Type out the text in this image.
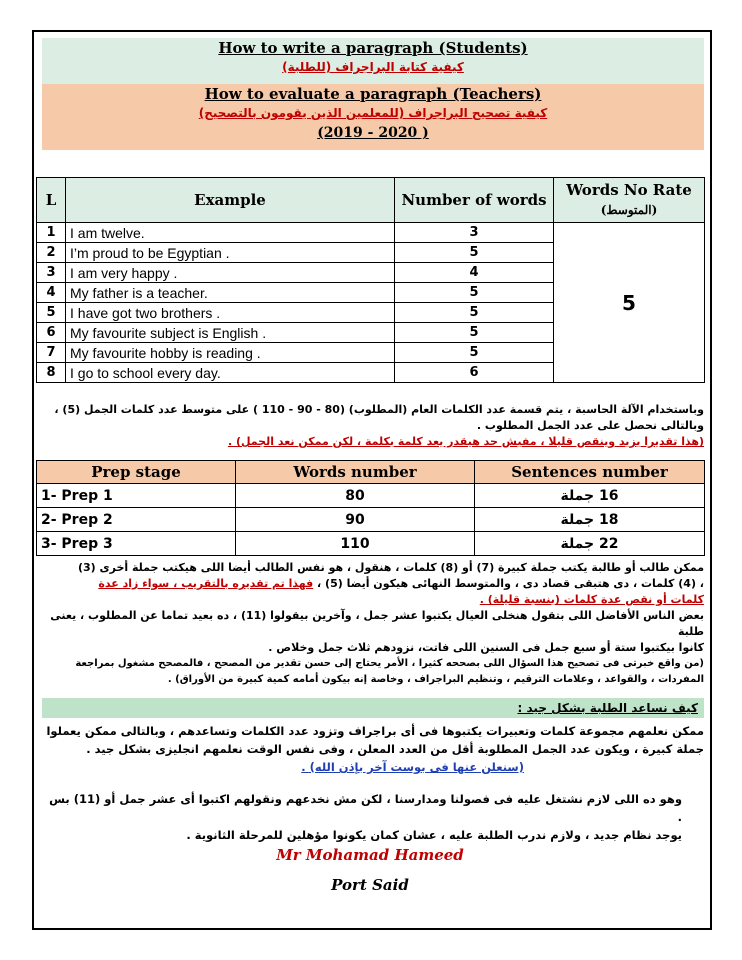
How to write a paragraph (Students)
كيفية كتابة البراجراف (للطلبة)
How to evaluate a paragraph (Teachers)
كيفية تصحيح البراجراف (للمعلمين الذين يقومون بالتصحيح)
(2019 - 2020 )
L	Example	Number of words	Words No Rate
(المتوسط)

1	I am twelve.	3	5
2	I’m proud to be Egyptian .	5	
3	I am very happy .	4	
4	My father is a teacher.	5	
5	I have got two brothers .	5	
6	My favourite subject is English .	5	
7	My favourite hobby is reading .	5	
8	I go to school every day.	6	
وباستخدام الآلة الحاسبة ، يتم قسمة عدد الكلمات العام (المطلوب) (80 - 90 - 110 ) على متوسط عدد كلمات الجمل (5) ،
وبالتالى نحصل على عدد الجمل المطلوب .
(هذا تقديرا يزيد وينقص قليلا ، مفيش حد هيقدر يعد كلمة بكلمة ، لكن ممكن نعد الجمل) .
Prep stage	Words number	Sentences number
1- Prep 1	80	16 جملة
2- Prep 2	90	18 جملة
3- Prep 3	110	22 جملة
ممكن طالب أو طالبة يكتب جملة كبيرة (7) أو (8) كلمات ، هنقول ، هو نفس الطالب أيضا اللى هيكتب جملة أخرى (3)
، (4) كلمات ، دى هتبقى قصاد دى ، والمتوسط النهائى هيكون أيضا (5) ، فهذا تم تقديره بالتقريب ، سواء زاد عدة
كلمات أو نقص عدة كلمات (بنسبة قليلة) .
بعض الناس الأفاضل اللى بتقول هنخلى العيال يكتبوا عشر جمل ، وآخرين بيقولوا (11) ، ده بعيد تماما عن المطلوب ، يعنى طلبة
كانوا بيكتبوا ستة أو سبع جمل فى السنين اللى فاتت، نزودهم ثلاث جمل وخلاص .
(من واقع خبرتى فى تصحيح هذا السؤال اللى بصححه كثيرا ، الأمر يحتاج إلى حسن تقدير من المصحح ، فالمصحح مشغول بمراجعة
المفردات ، والقواعد ، وعلامات الترقيم ، وتنظيم البراجراف ، وخاصة إنه بيكون أمامه كمية كبيرة من الأوراق) .
كيف نساعد الطلبة بشكل جيد :
ممكن نعلمهم مجموعة كلمات وتعبيرات يكتبوها فى أى براجراف وتزود عدد الكلمات وتساعدهم ، وبالتالى ممكن يعملوا
جملة كبيرة ، ويكون عدد الجمل المطلوبة أقل من العدد المعلن ، وفى نفس الوقت نعلمهم انجليزى بشكل جيد .
(سنعلن عنها فى بوست آخر بإذن الله) .
وهو ده اللى لازم نشتغل عليه فى فصولنا ومدارسنا ، لكن مش نخدعهم ونقولهم اكتبوا أى عشر جمل أو (11) بس .
يوجد نظام جديد ، ولازم ندرب الطلبة عليه ، عشان كمان يكونوا مؤهلين للمرحلة الثانوية .
Mr Mohamad Hameed
Port Said
